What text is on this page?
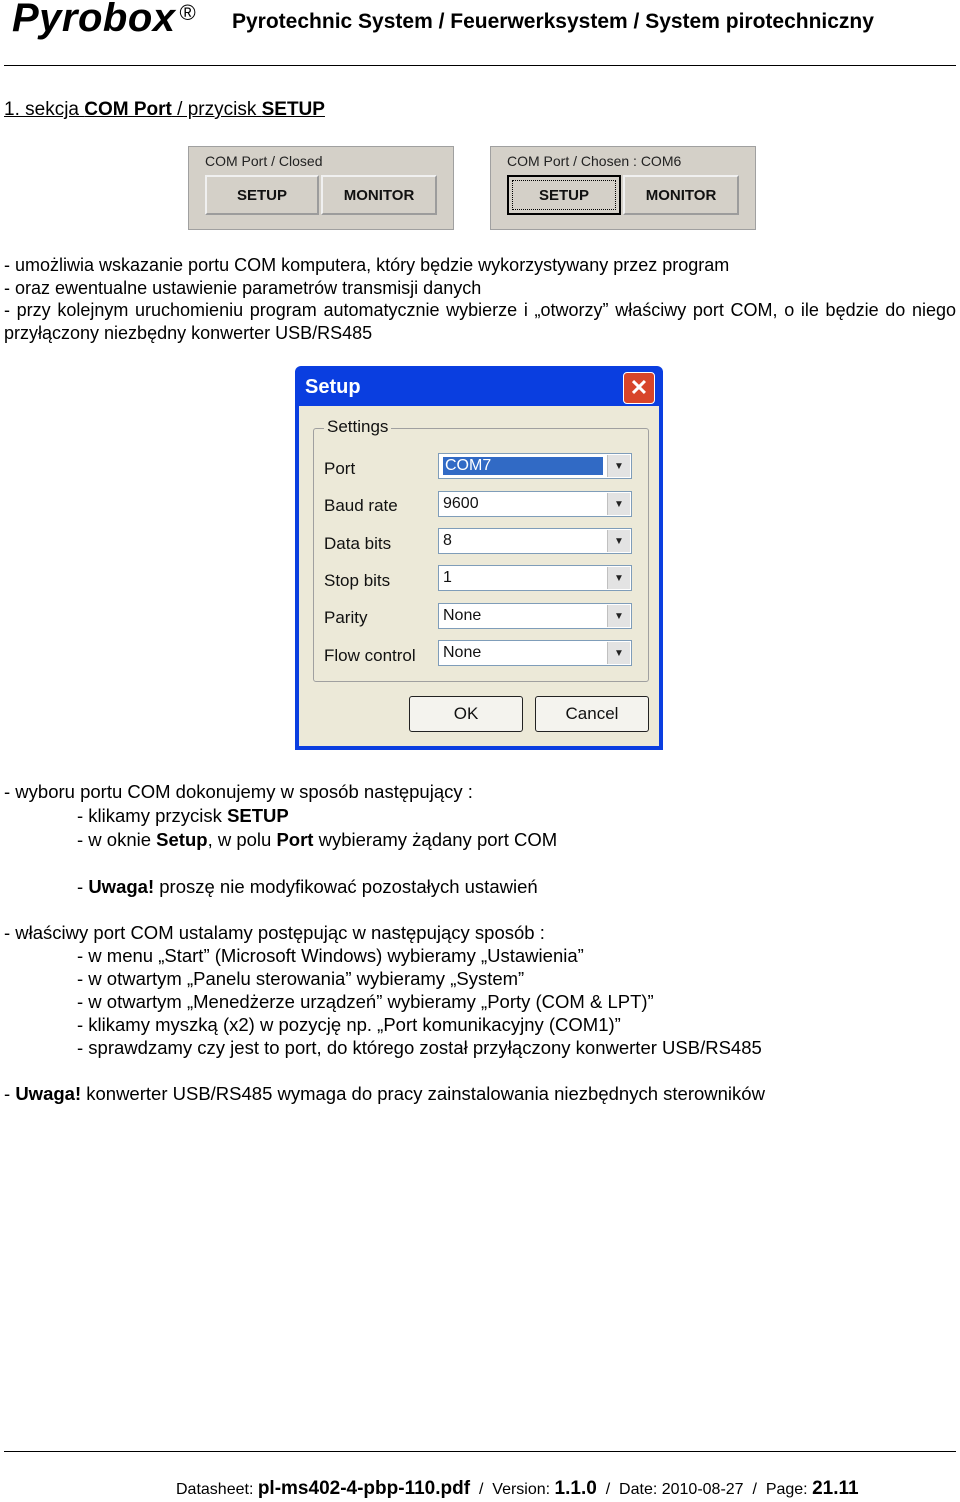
Pyrobox ® Pyrotechnic System / Feuerwerksystem / System pirotechniczny
1. sekcja COM Port / przycisk SETUP
COM Port / Closed
SETUP	MONITOR
COM Port / Chosen : COM6
SETUP	MONITOR
- umożliwia wskazanie portu COM komputera, który będzie wykorzystywany przez program
- oraz ewentualne ustawienie parametrów transmisji danych
- przy kolejnym uruchomieniu program automatycznie wybierze i „otworzy” właściwy port COM, o ile będzie do niego przyłączony niezbędny konwerter USB/RS485
Setup	✕
Settings
Port	COM7	▼
Baud rate	9600	▼
Data bits	8	▼
Stop bits	1	▼
Parity	None	▼
Flow control None	▼
OK	Cancel
- wyboru portu COM dokonujemy w sposób następujący :
- klikamy przycisk SETUP
- w oknie Setup, w polu Port wybieramy żądany port COM
- Uwaga! proszę nie modyfikować pozostałych ustawień
- właściwy port COM ustalamy postępując w następujący sposób :
- w menu „Start” (Microsoft Windows) wybieramy „Ustawienia”
- w otwartym „Panelu sterowania” wybieramy „System”
- w otwartym „Menedżerze urządzeń” wybieramy „Porty (COM & LPT)”
- klikamy myszką (x2) w pozycję np. „Port komunikacyjny (COM1)”
- sprawdzamy czy jest to port, do którego został przyłączony konwerter USB/RS485
- Uwaga! konwerter USB/RS485 wymaga do pracy zainstalowania niezbędnych sterowników
Datasheet: pl-ms402-4-pbp-110.pdf  /  Version: 1.1.0  /  Date: 2010-08-27  /  Page: 21.11
